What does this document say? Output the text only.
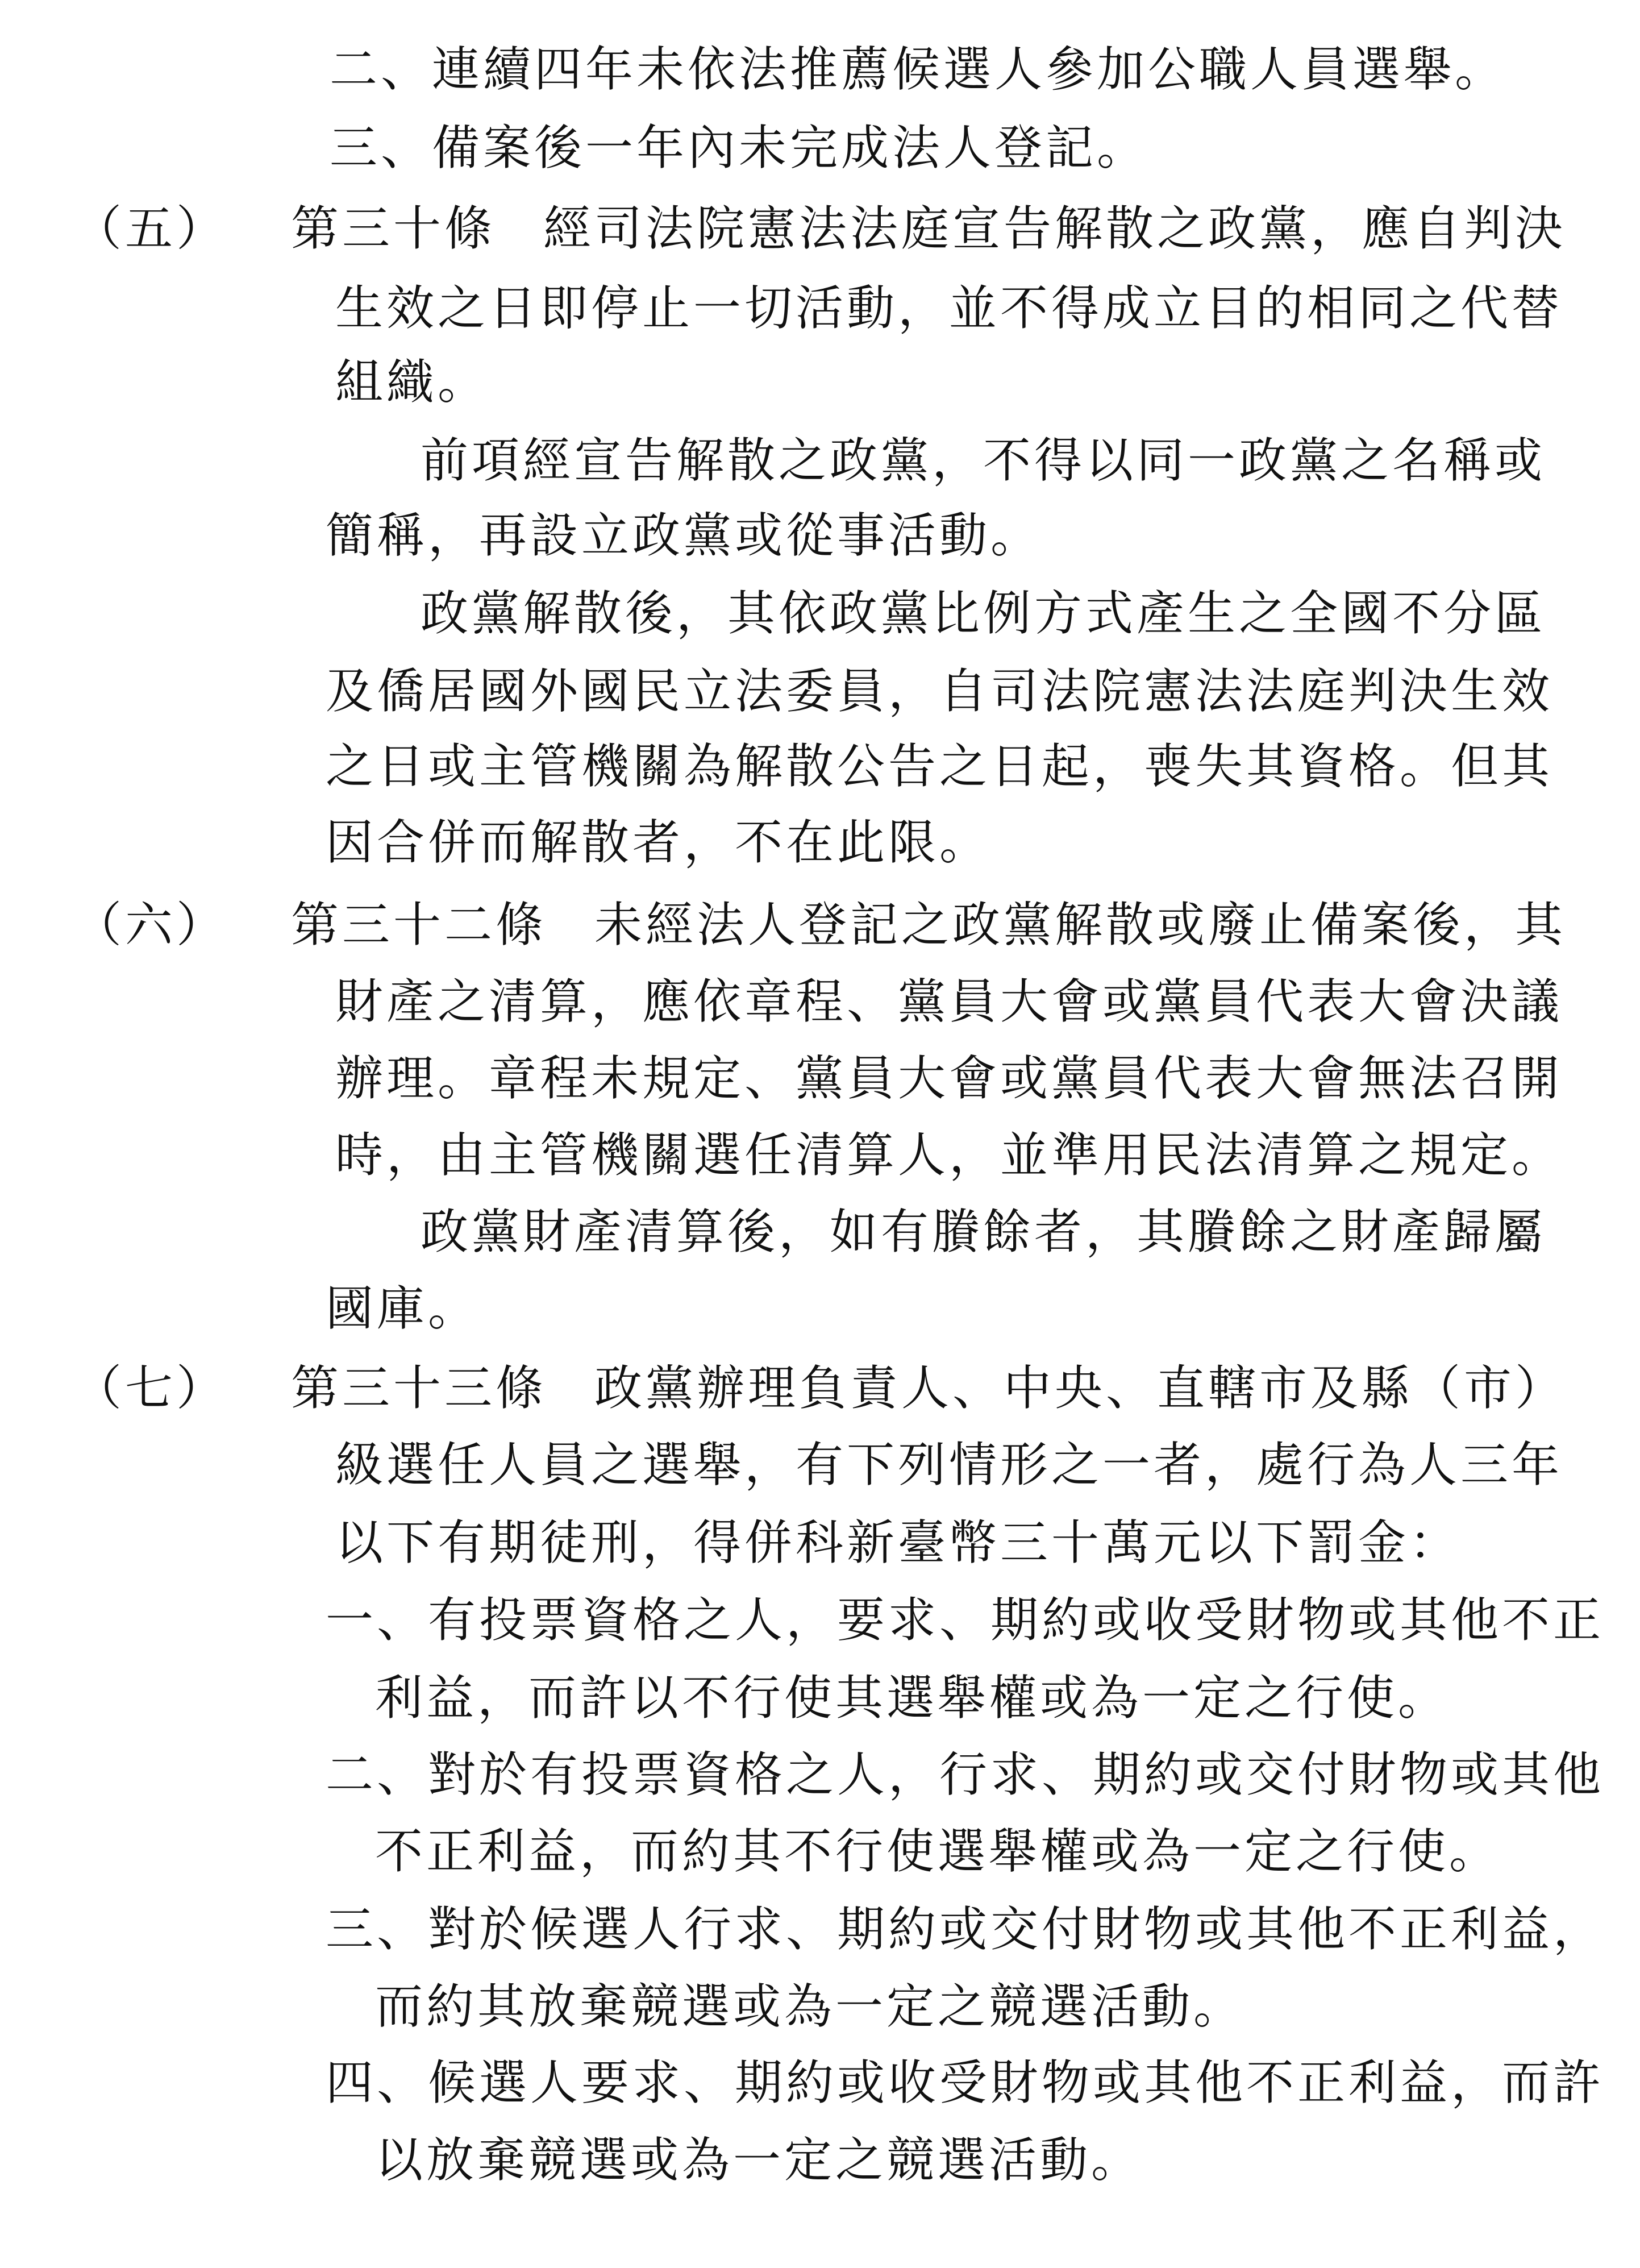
二、連續四年未依法推薦候選人參加公職人員選舉。
三、備案後一年內未完成法人登記。
（五） 第三十條 經司法院憲法法庭宣告解散之政黨，應自判決
生效之日即停止一切活動，並不得成立目的相同之代替
組織。
前項經宣告解散之政黨，不得以同一政黨之名稱或
簡稱，再設立政黨或從事活動。
政黨解散後，其依政黨比例方式產生之全國不分區
及僑居國外國民立法委員，自司法院憲法法庭判決生效
之日或主管機關為解散公告之日起，喪失其資格。但其
因合併而解散者，不在此限。
（六） 第三十二條 未經法人登記之政黨解散或廢止備案後，其
財產之清算，應依章程、黨員大會或黨員代表大會決議
辦理。章程未規定、黨員大會或黨員代表大會無法召開
時，由主管機關選任清算人，並準用民法清算之規定。
政黨財產清算後，如有賸餘者，其賸餘之財產歸屬
國庫。
（七） 第三十三條 政黨辦理負責人、中央、直轄市及縣（市）
級選任人員之選舉，有下列情形之一者，處行為人三年
以下有期徒刑，得併科新臺幣三十萬元以下罰金：
一、有投票資格之人，要求、期約或收受財物或其他不正
利益，而許以不行使其選舉權或為一定之行使。
二、對於有投票資格之人，行求、期約或交付財物或其他
不正利益，而約其不行使選舉權或為一定之行使。
三、對於候選人行求、期約或交付財物或其他不正利益，
而約其放棄競選或為一定之競選活動。
四、候選人要求、期約或收受財物或其他不正利益，而許
以放棄競選或為一定之競選活動。
